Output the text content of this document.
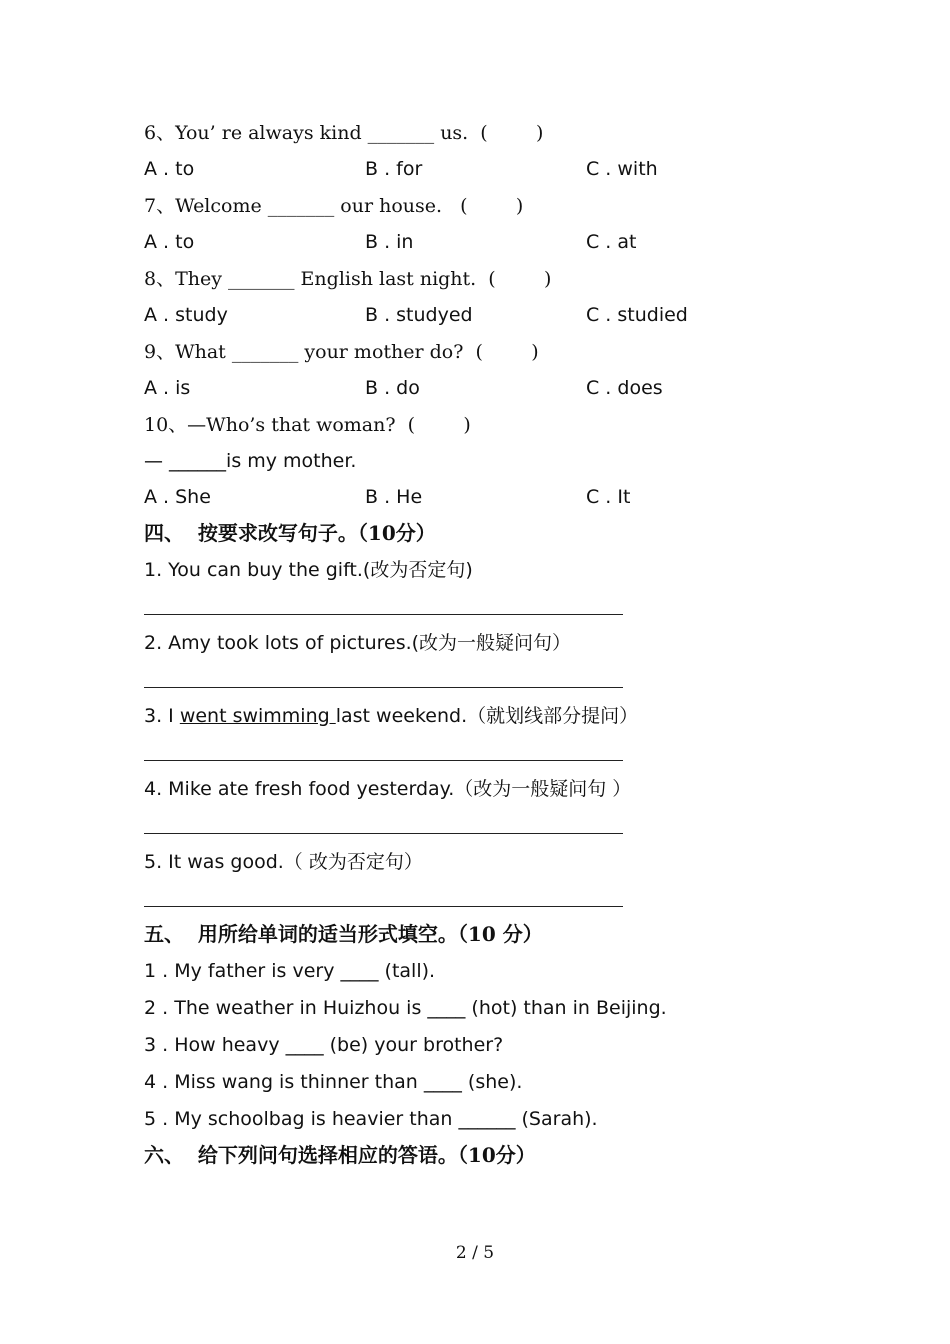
6、You’ re always kind _______ us.  (        )
A . to	B . for	C . with
7、Welcome _______ our house.   (        )
A . to	B . in	C . at
8、They _______ English last night.  (        )
A . study	B . studyed	C . studied
9、What _______ your mother do?  (        )
A . is	B . do	C . does
10、—Who’s that woman?  (        )
— ______is my mother.
A . She	B . He	C . It
四、  按要求改写句子。（10分）
1. You can buy the gift.(改为否定句)
2. Amy took lots of pictures.(改为一般疑问句）
3. I went swimming last weekend.（就划线部分提问）
4. Mike ate fresh food yesterday.（改为一般疑问句 ）
5. It was good.（ 改为否定句）
五、  用所给单词的适当形式填空。（10 分）
1 . My father is very ____ (tall).
2 . The weather in Huizhou is ____ (hot) than in Beijing.
3 . How heavy ____ (be) your brother?
4 . Miss wang is thinner than ____ (she).
5 . My schoolbag is heavier than ______ (Sarah).
六、  给下列问句选择相应的答语。（10分）
2 / 5
